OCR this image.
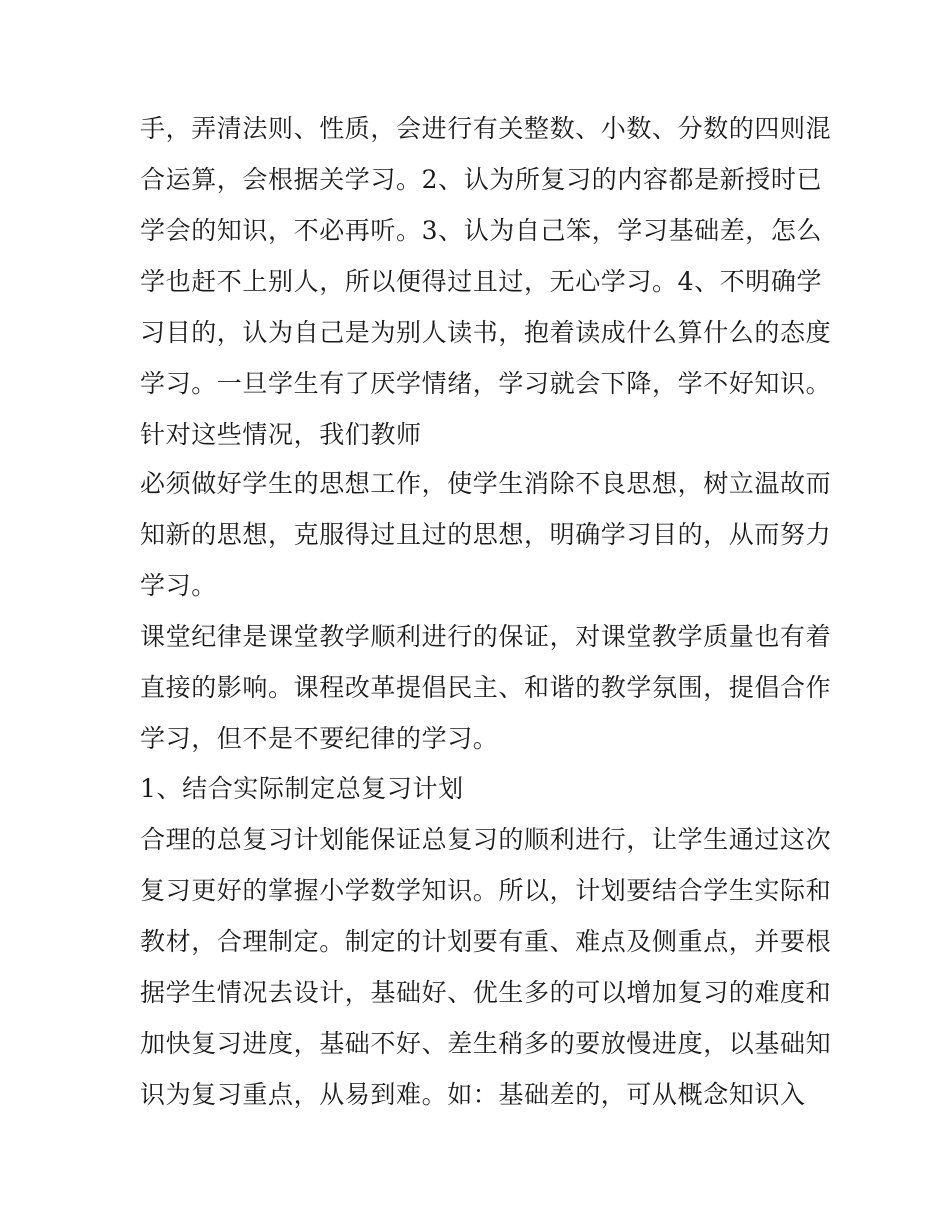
手，弄清法则、性质，会进行有关整数、小数、分数的四则混
合运算，会根据关学习。2、认为所复习的内容都是新授时已
学会的知识，不必再听。3、认为自己笨，学习基础差，怎么
学也赶不上别人，所以便得过且过，无心学习。4、不明确学
习目的，认为自己是为别人读书，抱着读成什么算什么的态度
学习。一旦学生有了厌学情绪，学习就会下降，学不好知识。
针对这些情况，我们教师
必须做好学生的思想工作，使学生消除不良思想，树立温故而
知新的思想，克服得过且过的思想，明确学习目的，从而努力
学习。
课堂纪律是课堂教学顺利进行的保证，对课堂教学质量也有着
直接的影响。课程改革提倡民主、和谐的教学氛围，提倡合作
学习，但不是不要纪律的学习。
1、结合实际制定总复习计划
合理的总复习计划能保证总复习的顺利进行，让学生通过这次
复习更好的掌握小学数学知识。所以，计划要结合学生实际和
教材，合理制定。制定的计划要有重、难点及侧重点，并要根
据学生情况去设计，基础好、优生多的可以增加复习的难度和
加快复习进度，基础不好、差生稍多的要放慢进度，以基础知
识为复习重点，从易到难。如：基础差的，可从概念知识入
